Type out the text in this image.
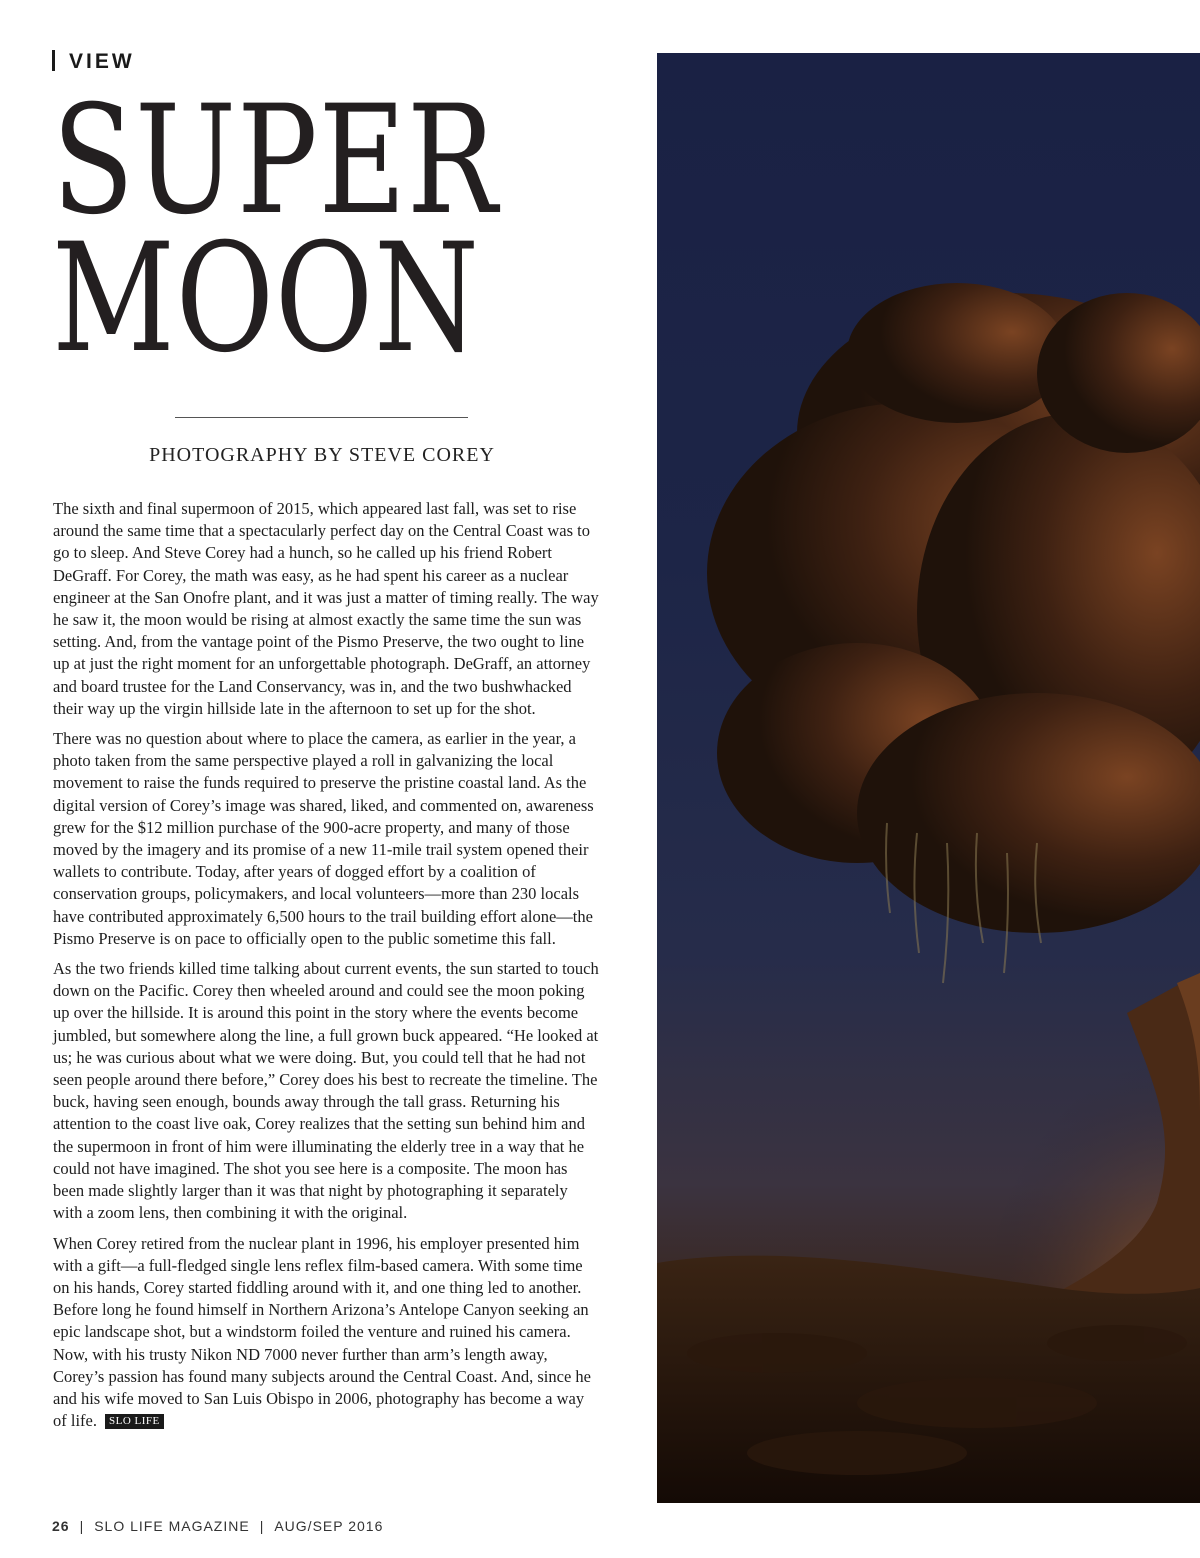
VIEW
SUPER
MOON
PHOTOGRAPHY BY STEVE COREY

The sixth and final supermoon of 2015, which appeared last fall, was set to rise around the same time that a spectacularly perfect day on the Central Coast was to go to sleep. And Steve Corey had a hunch, so he called up his friend Robert DeGraff. For Corey, the math was easy, as he had spent his career as a nuclear engineer at the San Onofre plant, and it was just a matter of timing really. The way he saw it, the moon would be rising at almost exactly the same time the sun was setting. And, from the vantage point of the Pismo Preserve, the two ought to line up at just the right moment for an unforgettable photograph. DeGraff, an attorney and board trustee for the Land Conservancy, was in, and the two bushwhacked their way up the virgin hillside late in the afternoon to set up for the shot.

There was no question about where to place the camera, as earlier in the year, a photo taken from the same perspective played a roll in galvanizing the local movement to raise the funds required to preserve the pristine coastal land. As the digital version of Corey’s image was shared, liked, and commented on, awareness grew for the $12 million purchase of the 900-acre property, and many of those moved by the imagery and its promise of a new 11-mile trail system opened their wallets to contribute. Today, after years of dogged effort by a coalition of conservation groups, policymakers, and local volunteers—more than 230 locals have contributed approximately 6,500 hours to the trail building effort alone—the Pismo Preserve is on pace to officially open to the public sometime this fall.

As the two friends killed time talking about current events, the sun started to touch down on the Pacific. Corey then wheeled around and could see the moon poking up over the hillside. It is around this point in the story where the events become jumbled, but somewhere along the line, a full grown buck appeared. “He looked at us; he was curious about what we were doing. But, you could tell that he had not seen people around there before,” Corey does his best to recreate the timeline. The buck, having seen enough, bounds away through the tall grass. Returning his attention to the coast live oak, Corey realizes that the setting sun behind him and the supermoon in front of him were illuminating the elderly tree in a way that he could not have imagined. The shot you see here is a composite. The moon has been made slightly larger than it was that night by photographing it separately with a zoom lens, then combining it with the original.

When Corey retired from the nuclear plant in 1996, his employer presented him with a gift—a full-fledged single lens reflex film-based camera. With some time on his hands, Corey started fiddling around with it, and one thing led to another. Before long he found himself in Northern Arizona’s Antelope Canyon seeking an epic landscape shot, but a windstorm foiled the venture and ruined his camera. Now, with his trusty Nikon ND 7000 never further than arm’s length away, Corey’s passion has found many subjects around the Central Coast. And, since he and his wife moved to San Luis Obispo in 2006, photography has become a way of life. SLO LIFE

26 | SLO LIFE MAGAZINE | AUG/SEP 2016
